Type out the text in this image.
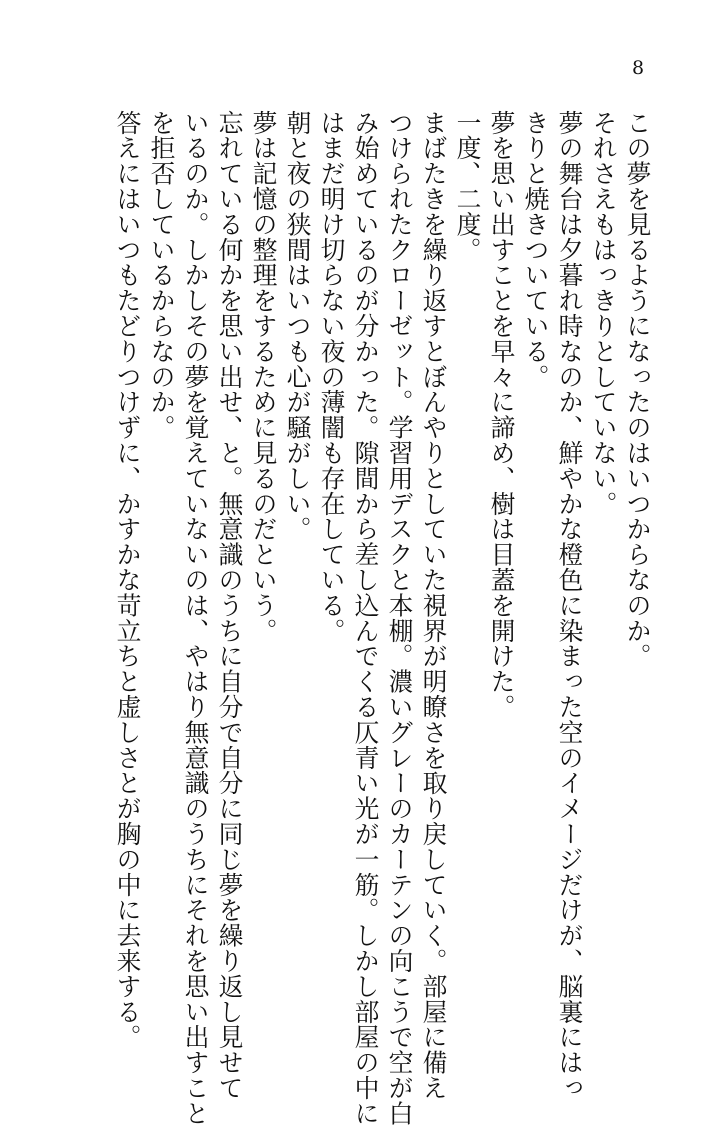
8
この夢を見るようになったのはいつからなのか。
それさえもはっきりとしていない。
夢の舞台は夕暮れ時なのか、鮮やかな橙色に染まった空のイメージだけが、脳裏にはっ
きりと焼きついている。
夢を思い出すことを早々に諦め、樹は目蓋を開けた。
一度、二度。
まばたきを繰り返すとぼんやりとしていた視界が明瞭さを取り戻していく。部屋に備え
つけられたクローゼット。学習用デスクと本棚。濃いグレーのカーテンの向こうで空が白
み始めているのが分かった。隙間から差し込んでくる仄青い光が一筋。しかし部屋の中に
はまだ明け切らない夜の薄闇も存在している。
朝と夜の狭間はいつも心が騒がしい。
夢は記憶の整理をするために見るのだという。
忘れている何かを思い出せ、と。無意識のうちに自分で自分に同じ夢を繰り返し見せて
いるのか。しかしその夢を覚えていないのは、やはり無意識のうちにそれを思い出すこと
を拒否しているからなのか。
答えにはいつもたどりつけずに、かすかな苛立ちと虚しさとが胸の中に去来する。
